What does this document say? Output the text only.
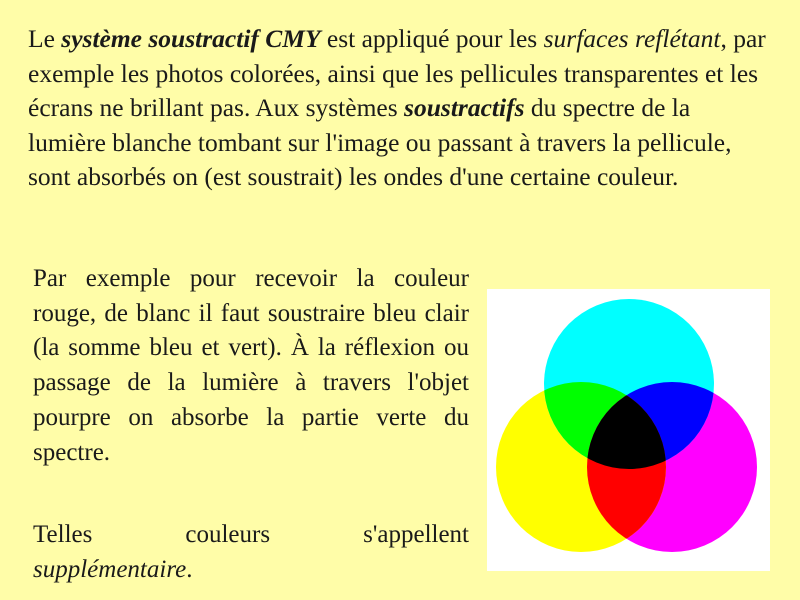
Le système soustractif CMY est appliqué pour les surfaces reflétant, par exemple les photos colorées, ainsi que les pellicules transparentes et les écrans ne brillant pas. Aux systèmes soustractifs du spectre de la lumière blanche tombant sur l'image ou passant à travers la pellicule, sont absorbés on (est soustrait) les ondes d'une certaine couleur.

Par exemple pour recevoir la couleur rouge, de blanc il faut soustraire bleu clair (la somme bleu et vert). À la réflexion ou passage de la lumière à travers l'objet pourpre on absorbe la partie verte du spectre.

Telles couleurs s'appellent
supplémentaire.
